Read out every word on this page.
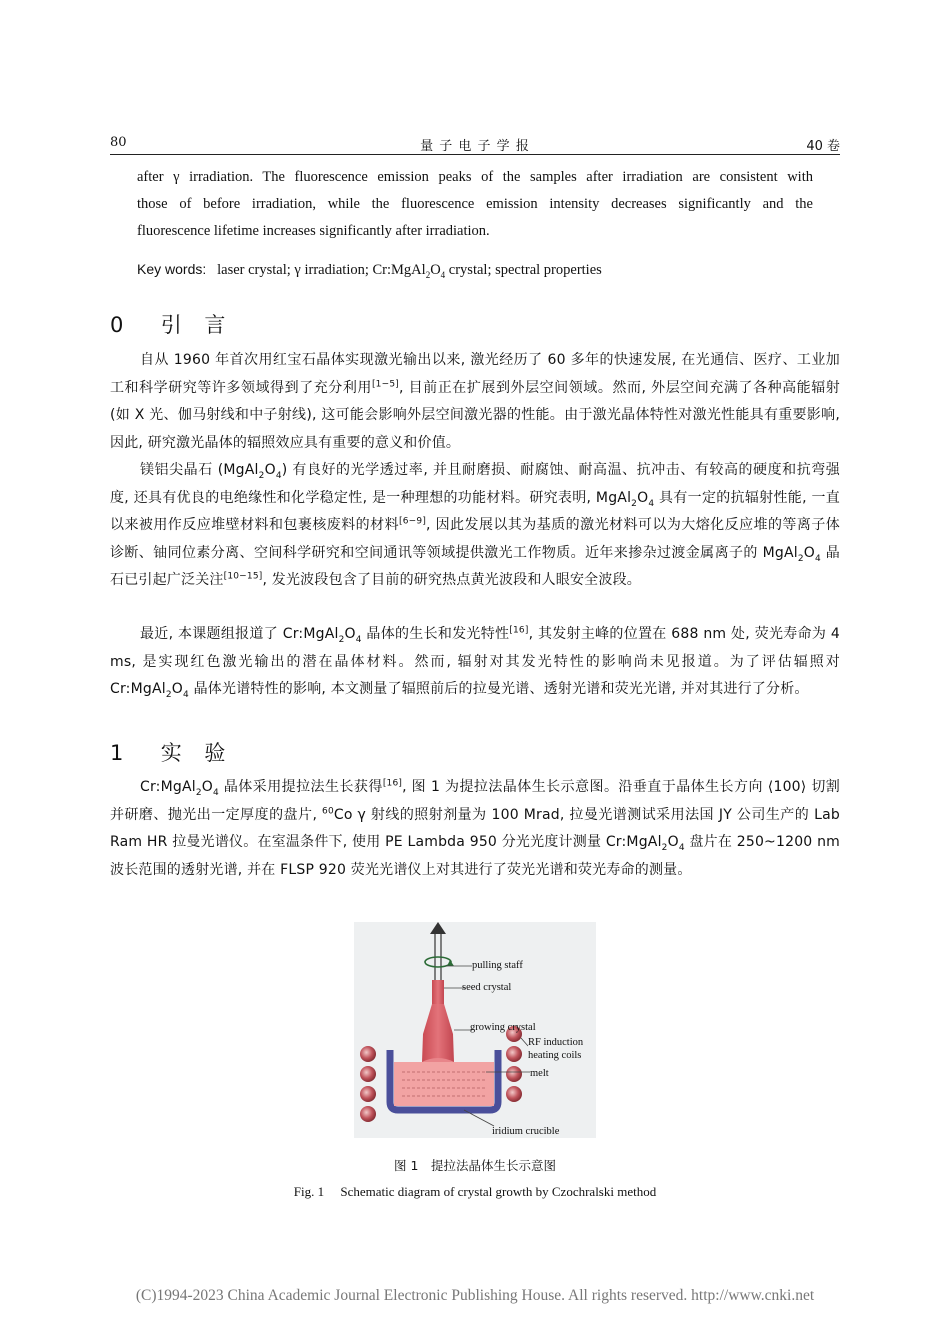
80	量 子 电 子 学 报	40 卷
after γ irradiation. The fluorescence emission peaks of the samples after irradiation are consistent with
those of before irradiation, while the fluorescence emission intensity decreases significantly and the
fluorescence lifetime increases significantly after irradiation.
Key words: laser crystal; γ irradiation; $Cr:MgAl_2O_4$ crystal; spectral properties
0 引 言
自从 1960 年首次用红宝石晶体实现激光输出以来, 激光经历了 60 多年的快速发展, 在光通信、医疗、工业加工和科学研究等许多领域得到了充分利用[1−5], 目前正在扩展到外层空间领域。然而, 外层空间充满了各种高能辐射 (如 X 光、伽马射线和中子射线), 这可能会影响外层空间激光器的性能。由于激光晶体特性对激光性能具有重要影响, 因此, 研究激光晶体的辐照效应具有重要的意义和价值。
镁铝尖晶石 $(MgAl_2O_4)$ 有良好的光学透过率, 并且耐磨损、耐腐蚀、耐高温、抗冲击、有较高的硬度和抗弯强度, 还具有优良的电绝缘性和化学稳定性, 是一种理想的功能材料。研究表明, $MgAl_2O_4$ 具有一定的抗辐射性能, 一直以来被用作反应堆壁材料和包裹核废料的材料[6−9], 因此发展以其为基质的激光材料可以为大熔化反应堆的等离子体诊断、铀同位素分离、空间科学研究和空间通讯等领域提供激光工作物质。近年来掺杂过渡金属离子的 $MgAl_2O_4$ 晶石已引起广泛关注[10−15], 发光波段包含了目前的研究热点黄光波段和人眼安全波段。
最近, 本课题组报道了 $Cr:MgAl_2O_4$ 晶体的生长和发光特性[16], 其发射主峰的位置在 688 nm 处, 荧光寿命为 4 ms, 是实现红色激光输出的潜在晶体材料。然而, 辐射对其发光特性的影响尚未见报道。为了评估辐照对 $Cr:MgAl_2O_4$ 晶体光谱特性的影响, 本文测量了辐照前后的拉曼光谱、透射光谱和荧光光谱, 并对其进行了分析。
1 实 验
$Cr:MgAl_2O_4$ 晶体采用提拉法生长获得[16], 图 1 为提拉法晶体生长示意图。沿垂直于晶体生长方向 ⟨100⟩ 切割并研磨、抛光出一定厚度的盘片, $^{60}$Co γ 射线的照射剂量为 100 Mrad, 拉曼光谱测试采用法国 JY 公司生产的 Lab Ram HR 拉曼光谱仪。在室温条件下, 使用 PE Lambda 950 分光光度计测量 $Cr:MgAl_2O_4$ 盘片在 250~1200 nm 波长范围的透射光谱, 并在 FLSP 920 荧光光谱仪上对其进行了荧光光谱和荧光寿命的测量。
pulling staff
seed crystal
growing crystal
RF induction
heating coils
melt
iridium crucible
图 1　提拉法晶体生长示意图
Fig. 1　 Schematic diagram of crystal growth by Czochralski method
(C)1994-2023 China Academic Journal Electronic Publishing House. All rights reserved. http://www.cnki.net
